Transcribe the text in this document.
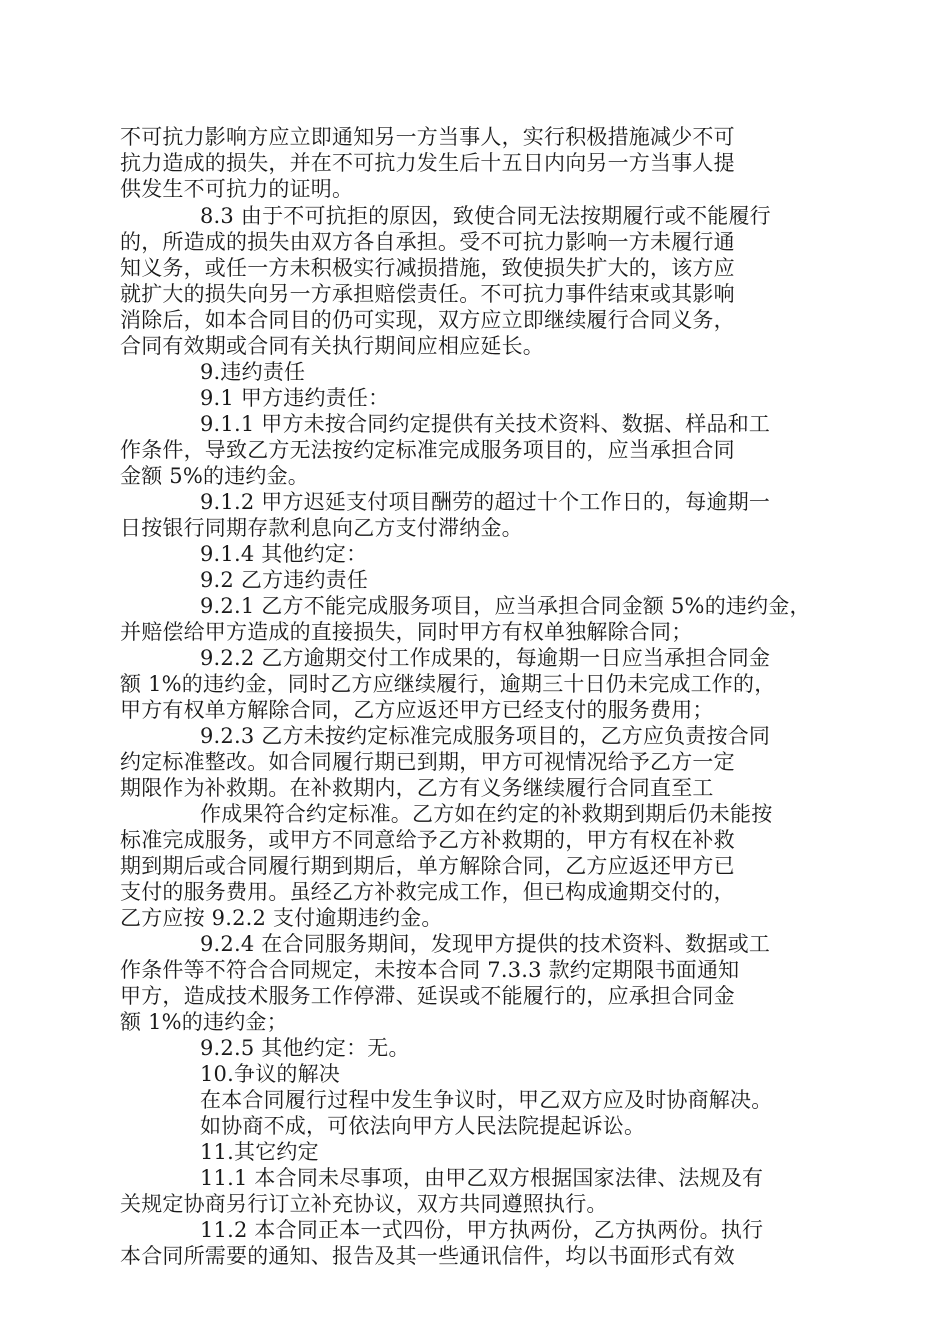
不可抗力影响方应立即通知另一方当事人，实行积极措施减少不可
抗力造成的损失，并在不可抗力发生后十五日内向另一方当事人提
供发生不可抗力的证明。
8.3 由于不可抗拒的原因，致使合同无法按期履行或不能履行
的，所造成的损失由双方各自承担。受不可抗力影响一方未履行通
知义务，或任一方未积极实行减损措施，致使损失扩大的，该方应
就扩大的损失向另一方承担赔偿责任。不可抗力事件结束或其影响
消除后，如本合同目的仍可实现，双方应立即继续履行合同义务，
合同有效期或合同有关执行期间应相应延长。
9.违约责任
9.1 甲方违约责任：
9.1.1 甲方未按合同约定提供有关技术资料、数据、样品和工
作条件，导致乙方无法按约定标准完成服务项目的，应当承担合同
金额 5%的违约金。
9.1.2 甲方迟延支付项目酬劳的超过十个工作日的，每逾期一
日按银行同期存款利息向乙方支付滞纳金。
9.1.4 其他约定：
9.2 乙方违约责任
9.2.1 乙方不能完成服务项目，应当承担合同金额 5%的违约金，
并赔偿给甲方造成的直接损失，同时甲方有权单独解除合同；
9.2.2 乙方逾期交付工作成果的，每逾期一日应当承担合同金
额 1%的违约金，同时乙方应继续履行，逾期三十日仍未完成工作的，
甲方有权单方解除合同，乙方应返还甲方已经支付的服务费用；
9.2.3 乙方未按约定标准完成服务项目的，乙方应负责按合同
约定标准整改。如合同履行期已到期，甲方可视情况给予乙方一定
期限作为补救期。在补救期内，乙方有义务继续履行合同直至工
作成果符合约定标准。乙方如在约定的补救期到期后仍未能按
标准完成服务，或甲方不同意给予乙方补救期的，甲方有权在补救
期到期后或合同履行期到期后，单方解除合同，乙方应返还甲方已
支付的服务费用。虽经乙方补救完成工作，但已构成逾期交付的，
乙方应按 9.2.2 支付逾期违约金。
9.2.4 在合同服务期间，发现甲方提供的技术资料、数据或工
作条件等不符合合同规定，未按本合同 7.3.3 款约定期限书面通知
甲方，造成技术服务工作停滞、延误或不能履行的，应承担合同金
额 1%的违约金；
9.2.5 其他约定：无。
10.争议的解决
在本合同履行过程中发生争议时，甲乙双方应及时协商解决。
如协商不成，可依法向甲方人民法院提起诉讼。
11.其它约定
11.1 本合同未尽事项，由甲乙双方根据国家法律、法规及有
关规定协商另行订立补充协议，双方共同遵照执行。
11.2 本合同正本一式四份，甲方执两份，乙方执两份。执行
本合同所需要的通知、报告及其一些通讯信件，均以书面形式有效
